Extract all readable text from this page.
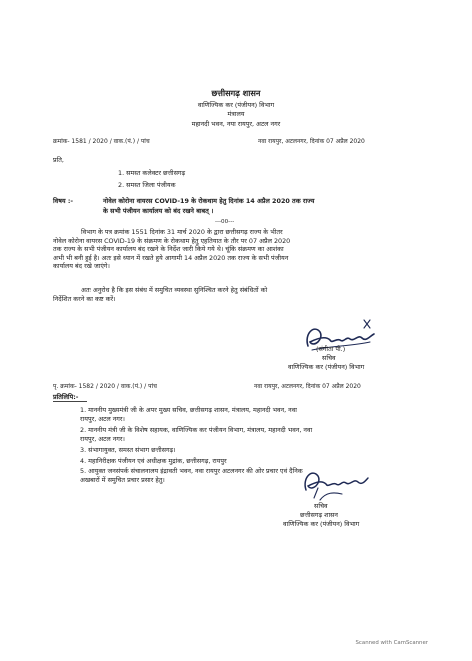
छत्तीसगढ़ शासन
वाणिज्यिक कर (पंजीयन) विभाग
मंत्रालय
महानदी भवन, नया रायपुर, अटल नगर
क्रमांक- 1581 / 2020 / वाक.(पं.) / पांच	नवा रायपुर, अटलनगर, दिनांक 07 अप्रैल 2020
प्रति,
1. समस्त कलेक्टर छत्तीसगढ़
2. समस्त जिला पंजीयक
विषय :-	नोवेल कोरोना वायरस COVID-19 के रोकथाम हेतु दिनांक 14 अप्रैल 2020 तक राज्य
के सभी पंजीयन कार्यालय को बंद रखने बाबत् ।
---00---
विभाग के पत्र क्रमांक 1551 दिनांक 31 मार्च 2020 के द्वारा छत्तीसगढ़ राज्य के भीतर
नोवेल कोरोना वायरस COVID-19 के संक्रमण के रोकथाम हेतु एहतियात के तौर पर 07 अप्रैल 2020
तक राज्य के सभी पंजीयन कार्यालय बंद रखने के निर्देश जारी किये गये थे। चूंकि संक्रमण का आशंका
अभी भी बनी हुई है। अतः इसे ध्यान में रखते हुये आगामी 14 अप्रैल 2020 तक राज्य के सभी पंजीयन
कार्यालय बंद रखे जाएंगे।
अतः अनुरोध है कि इस संबंध में समुचित व्यवस्था सुनिश्चित करने हेतु संबंधितों को
निर्देशित करने का कष्ट करें।
(संगीता पी.)
सचिव
वाणिज्यिक कर (पंजीयन) विभाग
पृ. क्रमांक- 1582 / 2020 / वाक.(पं.) / पांच	नवा रायपुर, अटलनगर, दिनांक 07 अप्रैल 2020
प्रतिलिपि:-
1. माननीय मुख्यमंत्री जी के अपर मुख्य सचिव, छत्तीसगढ़ शासन, मंत्रालय, महानदी भवन, नवा
रायपुर, अटल नगर।
2. माननीय मंत्री जी के विशेष सहायक, वाणिज्यिक कर पंजीयन विभाग, मंत्रालय, महानदी भवन, नवा
रायपुर, अटल नगर।
3. संभागायुक्त, समस्त संभाग छत्तीसगढ़।
4. महानिरीक्षक पंजीयन एवं अधीक्षक मुद्रांक, छत्तीसगढ़, रायपुर
5. आयुक्त जनसंपर्क संचालनालय इंद्रावती भवन, नवा रायपुर अटलनगर की ओर प्रचार एवं दैनिक
अखबारों में समुचित प्रचार प्रसार हेतु।
सचिव
छत्तीसगढ़ शासन
वाणिज्यिक कर (पंजीयन) विभाग
Scanned with CamScanner
